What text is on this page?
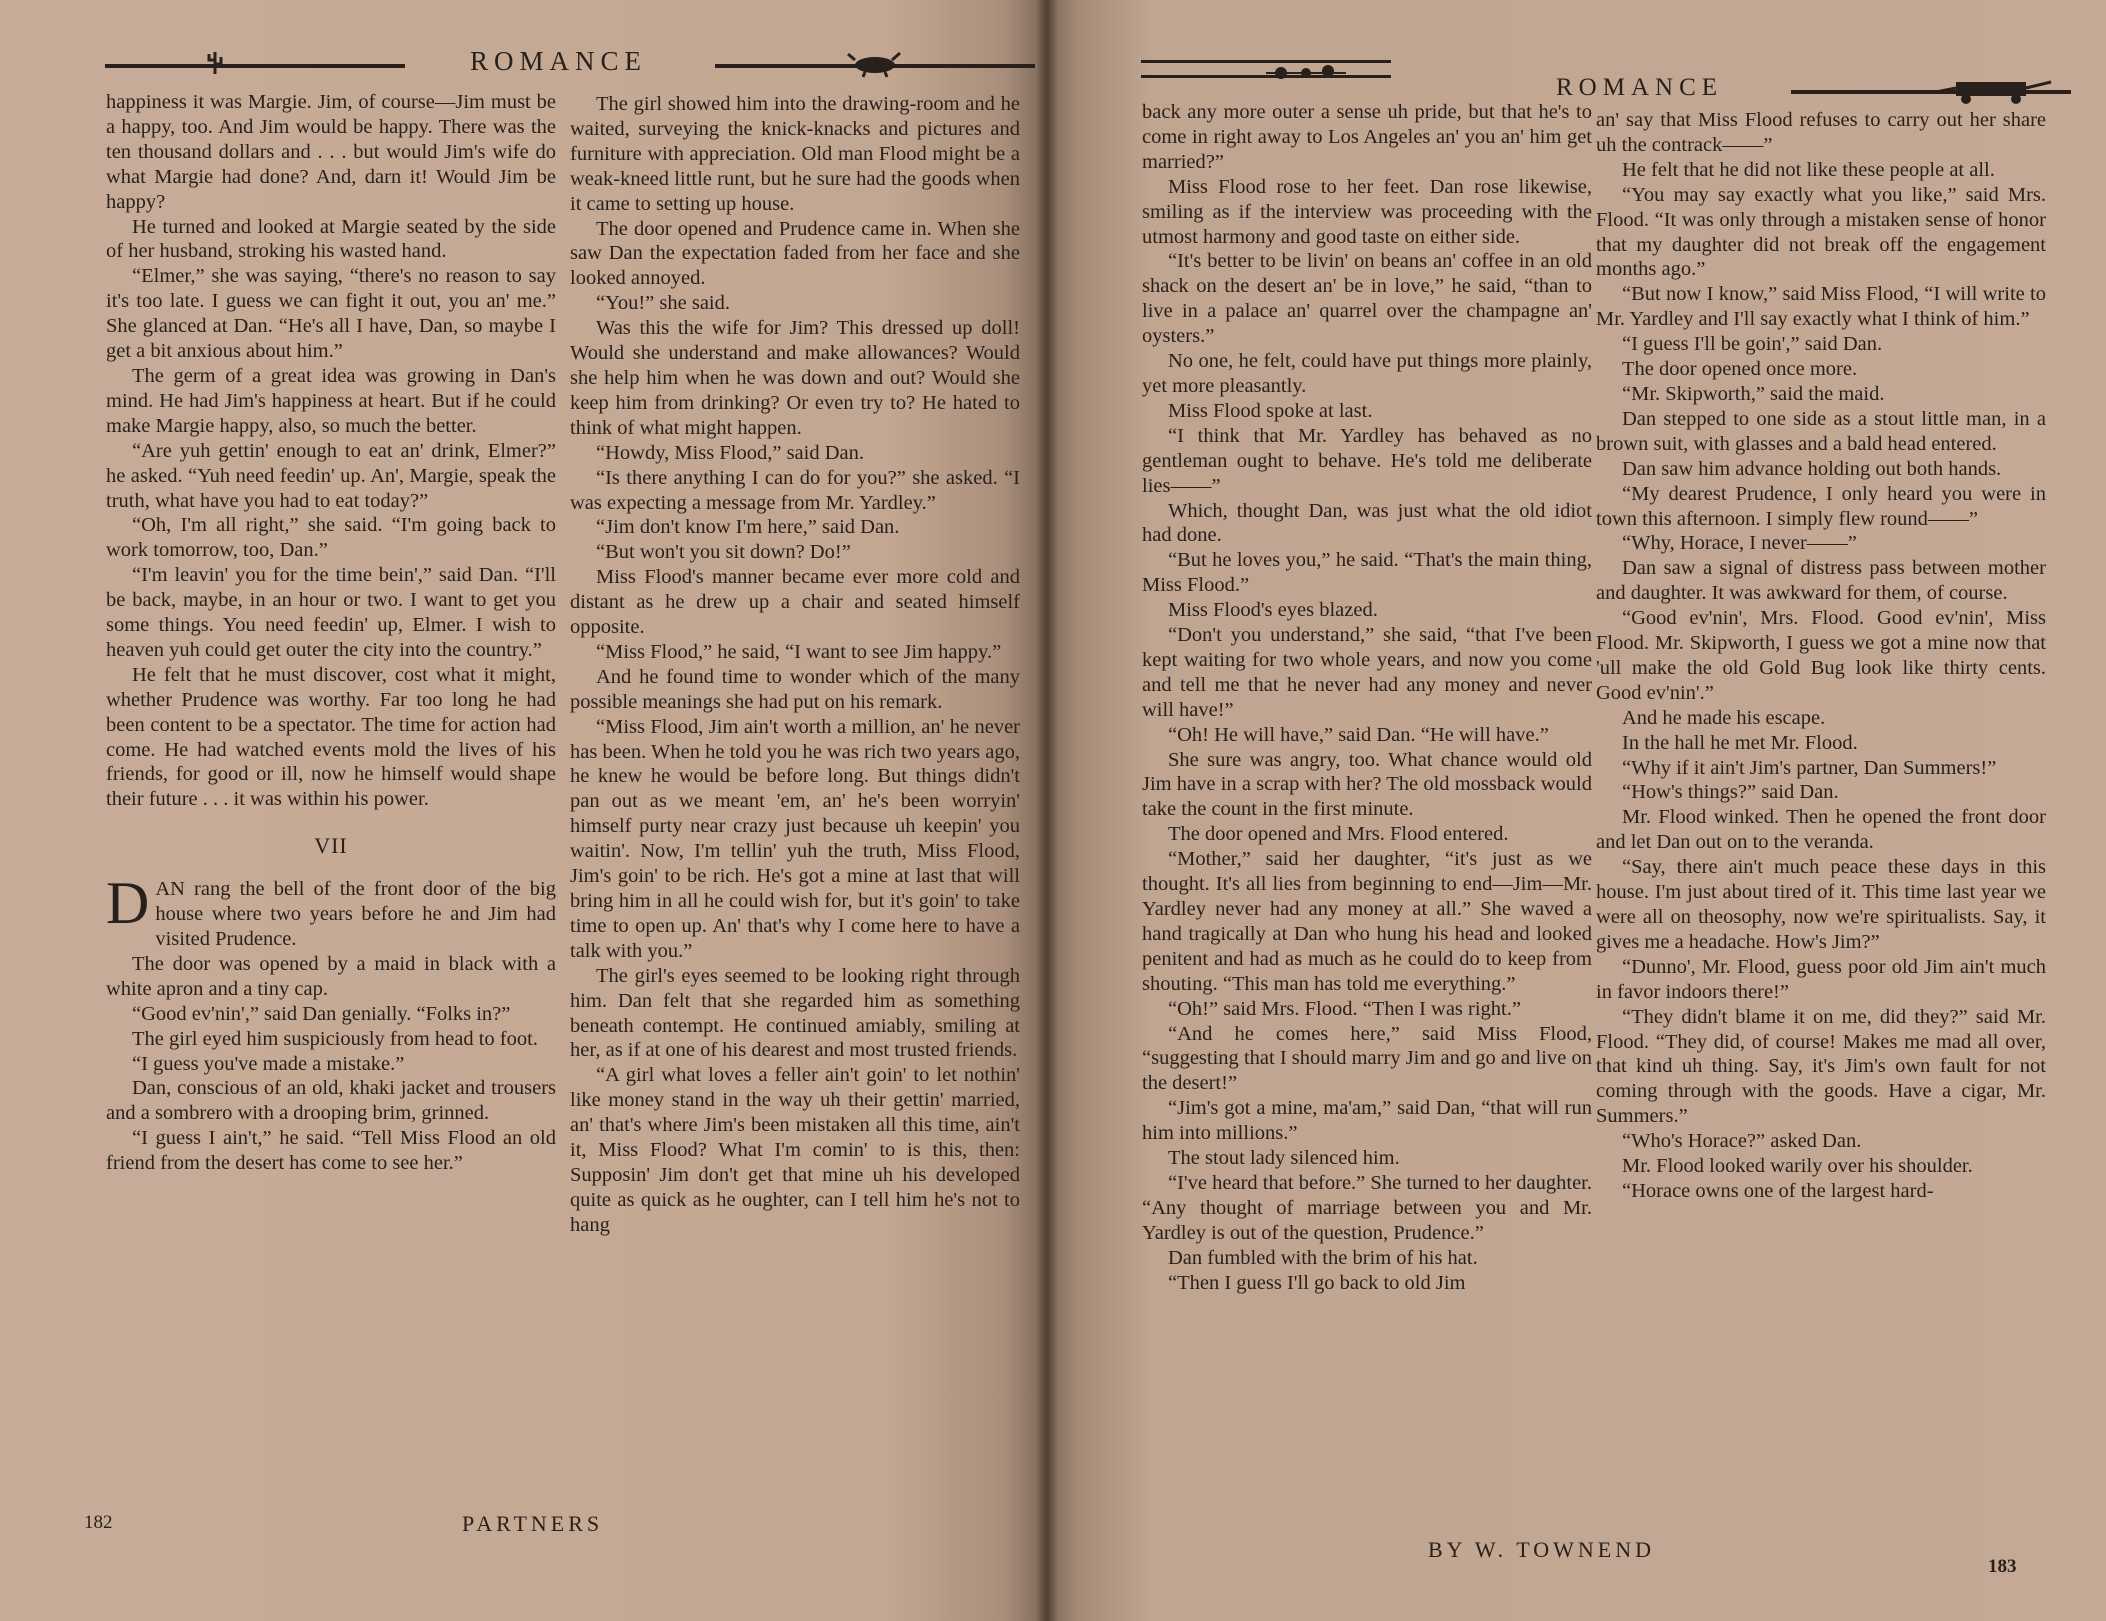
ROMANCE

happiness it was Margie. Jim, of course—Jim must be a happy, too. And Jim would be happy. There was the ten thousand dollars and . . . but would Jim's wife do what Margie had done? And, darn it! Would Jim be happy?

He turned and looked at Margie seated by the side of her husband, stroking his wasted hand.

“Elmer,” she was saying, “there's no reason to say it's too late. I guess we can fight it out, you an' me.” She glanced at Dan. “He's all I have, Dan, so maybe I get a bit anxious about him.”

The germ of a great idea was growing in Dan's mind. He had Jim's happiness at heart. But if he could make Margie happy, also, so much the better.

“Are yuh gettin' enough to eat an' drink, Elmer?” he asked. “Yuh need feedin' up. An', Margie, speak the truth, what have you had to eat today?”

“Oh, I'm all right,” she said. “I'm going back to work tomorrow, too, Dan.”

“I'm leavin' you for the time bein',” said Dan. “I'll be back, maybe, in an hour or two. I want to get you some things. You need feedin' up, Elmer. I wish to heaven yuh could get outer the city into the country.”

He felt that he must discover, cost what it might, whether Prudence was worthy. Far too long he had been content to be a spectator. The time for action had come. He had watched events mold the lives of his friends, for good or ill, now he himself would shape their future . . . it was within his power.

VII

DAN rang the bell of the front door of the big house where two years before he and Jim had visited Prudence.

The door was opened by a maid in black with a white apron and a tiny cap.

“Good ev'nin',” said Dan genially. “Folks in?”

The girl eyed him suspiciously from head to foot.

“I guess you've made a mistake.”

Dan, conscious of an old, khaki jacket and trousers and a sombrero with a drooping brim, grinned.

“I guess I ain't,” he said. “Tell Miss Flood an old friend from the desert has come to see her.”

The girl showed him into the drawing-room and he waited, surveying the knick-knacks and pictures and furniture with appreciation. Old man Flood might be a weak-kneed little runt, but he sure had the goods when it came to setting up house.

The door opened and Prudence came in. When she saw Dan the expectation faded from her face and she looked annoyed.

“You!” she said.

Was this the wife for Jim? This dressed up doll! Would she understand and make allowances? Would she help him when he was down and out? Would she keep him from drinking? Or even try to? He hated to think of what might happen.

“Howdy, Miss Flood,” said Dan.

“Is there anything I can do for you?” she asked. “I was expecting a message from Mr. Yardley.”

“Jim don't know I'm here,” said Dan.

“But won't you sit down? Do!”

Miss Flood's manner became ever more cold and distant as he drew up a chair and seated himself opposite.

“Miss Flood,” he said, “I want to see Jim happy.”

And he found time to wonder which of the many possible meanings she had put on his remark.

“Miss Flood, Jim ain't worth a million, an' he never has been. When he told you he was rich two years ago, he knew he would be before long. But things didn't pan out as we meant 'em, an' he's been worryin' himself purty near crazy just because uh keepin' you waitin'. Now, I'm tellin' yuh the truth, Miss Flood, Jim's goin' to be rich. He's got a mine at last that will bring him in all he could wish for, but it's goin' to take time to open up. An' that's why I come here to have a talk with you.”

The girl's eyes seemed to be looking right through him. Dan felt that she regarded him as something beneath contempt. He continued amiably, smiling at her, as if at one of his dearest and most trusted friends.

“A girl what loves a feller ain't goin' to let nothin' like money stand in the way uh their gettin' married, an' that's where Jim's been mistaken all this time, ain't it, Miss Flood? What I'm comin' to is this, then: Supposin' Jim don't get that mine uh his developed quite as quick as he oughter, can I tell him he's not to hang

182	PARTNERS
ROMANCE

back any more outer a sense uh pride, but that he's to come in right away to Los Angeles an' you an' him get married?”

Miss Flood rose to her feet. Dan rose likewise, smiling as if the interview was proceeding with the utmost harmony and good taste on either side.

“It's better to be livin' on beans an' coffee in an old shack on the desert an' be in love,” he said, “than to live in a palace an' quarrel over the champagne an' oysters.”

No one, he felt, could have put things more plainly, yet more pleasantly.

Miss Flood spoke at last.

“I think that Mr. Yardley has behaved as no gentleman ought to behave. He's told me deliberate lies——”

Which, thought Dan, was just what the old idiot had done.

“But he loves you,” he said. “That's the main thing, Miss Flood.”

Miss Flood's eyes blazed.

“Don't you understand,” she said, “that I've been kept waiting for two whole years, and now you come and tell me that he never had any money and never will have!”

“Oh! He will have,” said Dan. “He will have.”

She sure was angry, too. What chance would old Jim have in a scrap with her? The old mossback would take the count in the first minute.

The door opened and Mrs. Flood entered.

“Mother,” said her daughter, “it's just as we thought. It's all lies from beginning to end—Jim—Mr. Yardley never had any money at all.” She waved a hand tragically at Dan who hung his head and looked penitent and had as much as he could do to keep from shouting. “This man has told me everything.”

“Oh!” said Mrs. Flood. “Then I was right.”

“And he comes here,” said Miss Flood, “suggesting that I should marry Jim and go and live on the desert!”

“Jim's got a mine, ma'am,” said Dan, “that will run him into millions.”

The stout lady silenced him.

“I've heard that before.” She turned to her daughter. “Any thought of marriage between you and Mr. Yardley is out of the question, Prudence.”

Dan fumbled with the brim of his hat.

“Then I guess I'll go back to old Jim

an' say that Miss Flood refuses to carry out her share uh the contrack——”

He felt that he did not like these people at all.

“You may say exactly what you like,” said Mrs. Flood. “It was only through a mistaken sense of honor that my daughter did not break off the engagement months ago.”

“But now I know,” said Miss Flood, “I will write to Mr. Yardley and I'll say exactly what I think of him.”

“I guess I'll be goin',” said Dan.

The door opened once more.

“Mr. Skipworth,” said the maid.

Dan stepped to one side as a stout little man, in a brown suit, with glasses and a bald head entered.

Dan saw him advance holding out both hands.

“My dearest Prudence, I only heard you were in town this afternoon. I simply flew round——”

“Why, Horace, I never——”

Dan saw a signal of distress pass between mother and daughter. It was awkward for them, of course.

“Good ev'nin', Mrs. Flood. Good ev'nin', Miss Flood. Mr. Skipworth, I guess we got a mine now that 'ull make the old Gold Bug look like thirty cents. Good ev'nin'.”

And he made his escape.

In the hall he met Mr. Flood.

“Why if it ain't Jim's partner, Dan Summers!”

“How's things?” said Dan.

Mr. Flood winked. Then he opened the front door and let Dan out on to the veranda.

“Say, there ain't much peace these days in this house. I'm just about tired of it. This time last year we were all on theosophy, now we're spiritualists. Say, it gives me a headache. How's Jim?”

“Dunno', Mr. Flood, guess poor old Jim ain't much in favor indoors there!”

“They didn't blame it on me, did they?” said Mr. Flood. “They did, of course! Makes me mad all over, that kind uh thing. Say, it's Jim's own fault for not coming through with the goods. Have a cigar, Mr. Summers.”

“Who's Horace?” asked Dan.

Mr. Flood looked warily over his shoulder.

“Horace owns one of the largest hard-

BY W. TOWNEND
183
